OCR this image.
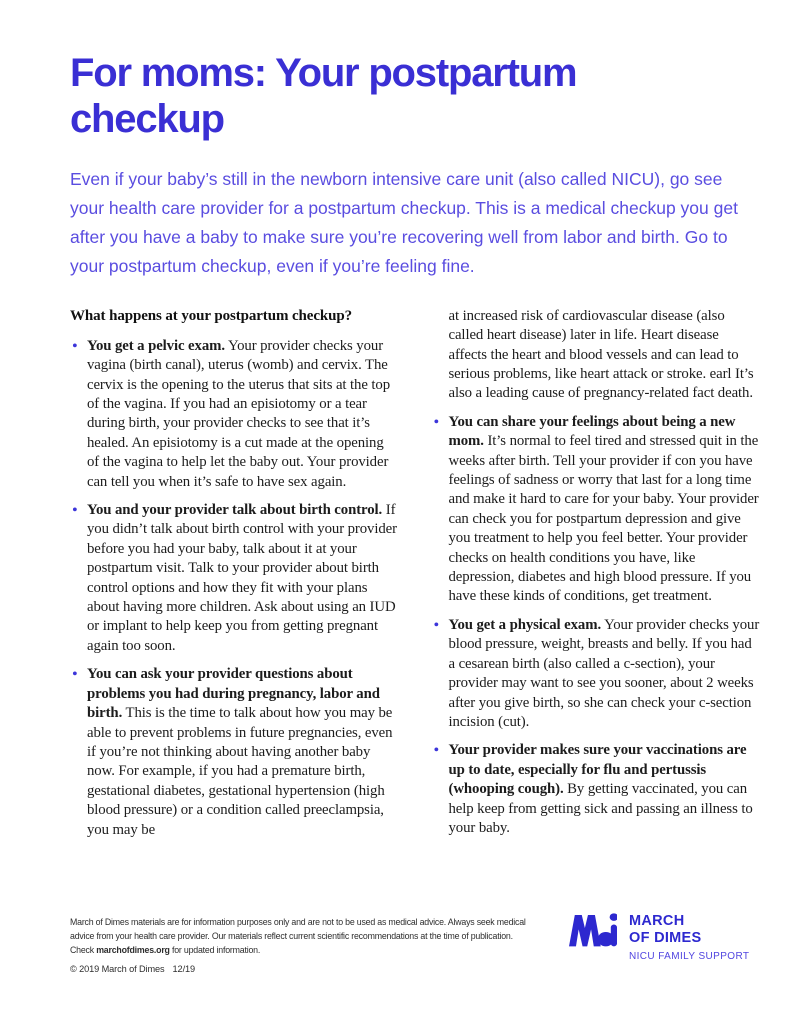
For moms: Your postpartum checkup

Even if your baby’s still in the newborn intensive care unit (also called NICU), go see your health care provider for a postpartum checkup. This is a medical checkup you get after you have a baby to make sure you’re recovering well from labor and birth. Go to your postpartum checkup, even if you’re feeling fine.

What happens at your postpartum checkup?
• You get a pelvic exam. Your provider checks your vagina (birth canal), uterus (womb) and cervix. The cervix is the opening to the uterus that sits at the top of the vagina. If you had an episiotomy or a tear during birth, your provider checks to see that it’s healed. An episiotomy is a cut made at the opening of the vagina to help let the baby out. Your provider can tell you when it’s safe to have sex again.
• You and your provider talk about birth control. If you didn’t talk about birth control with your provider before you had your baby, talk about it at your postpartum visit. Talk to your provider about birth control options and how they fit with your plans about having more children. Ask about using an IUD or implant to help keep you from getting pregnant again too soon.
• You can ask your provider questions about problems you had during pregnancy, labor and birth. This is the time to talk about how you may be able to prevent problems in future pregnancies, even if you’re not thinking about having another baby now. For example, if you had a premature birth, gestational diabetes, gestational hypertension (high blood pressure) or a condition called preeclampsia, you may be

at increased risk of cardiovascular disease (also called heart disease) later in life. Heart disease affects the heart and blood vessels and can lead to serious problems, like heart attack or stroke. earl It’s also a leading cause of pregnancy-related fact death.

• You can share your feelings about being a new mom. It’s normal to feel tired and stressed quit in the weeks after birth. Tell your provider if con you have feelings of sadness or worry that last for a long time and make it hard to care for your baby. Your provider can check you for postpartum depression and give you treatment to help you feel better. Your provider checks on health conditions you have, like depression, diabetes and high blood pressure. If you have these kinds of conditions, get treatment.
• You get a physical exam. Your provider checks your blood pressure, weight, breasts and belly. If you had a cesarean birth (also called a c-section), your provider may want to see you sooner, about 2 weeks after you give birth, so she can check your c-section incision (cut).
• Your provider makes sure your vaccinations are up to date, especially for flu and pertussis (whooping cough). By getting vaccinated, you can help keep from getting sick and passing an illness to your baby.
March of Dimes materials are for information purposes only and are not to be used as medical advice. Always seek medical
advice from your health care provider. Our materials reflect current scientific recommendations at the time of publication.
Check marchofdimes.org for updated information.
© 2019 March of Dimes 12/19
MARCH
OF DIMES
NICU FAMILY SUPPORT
